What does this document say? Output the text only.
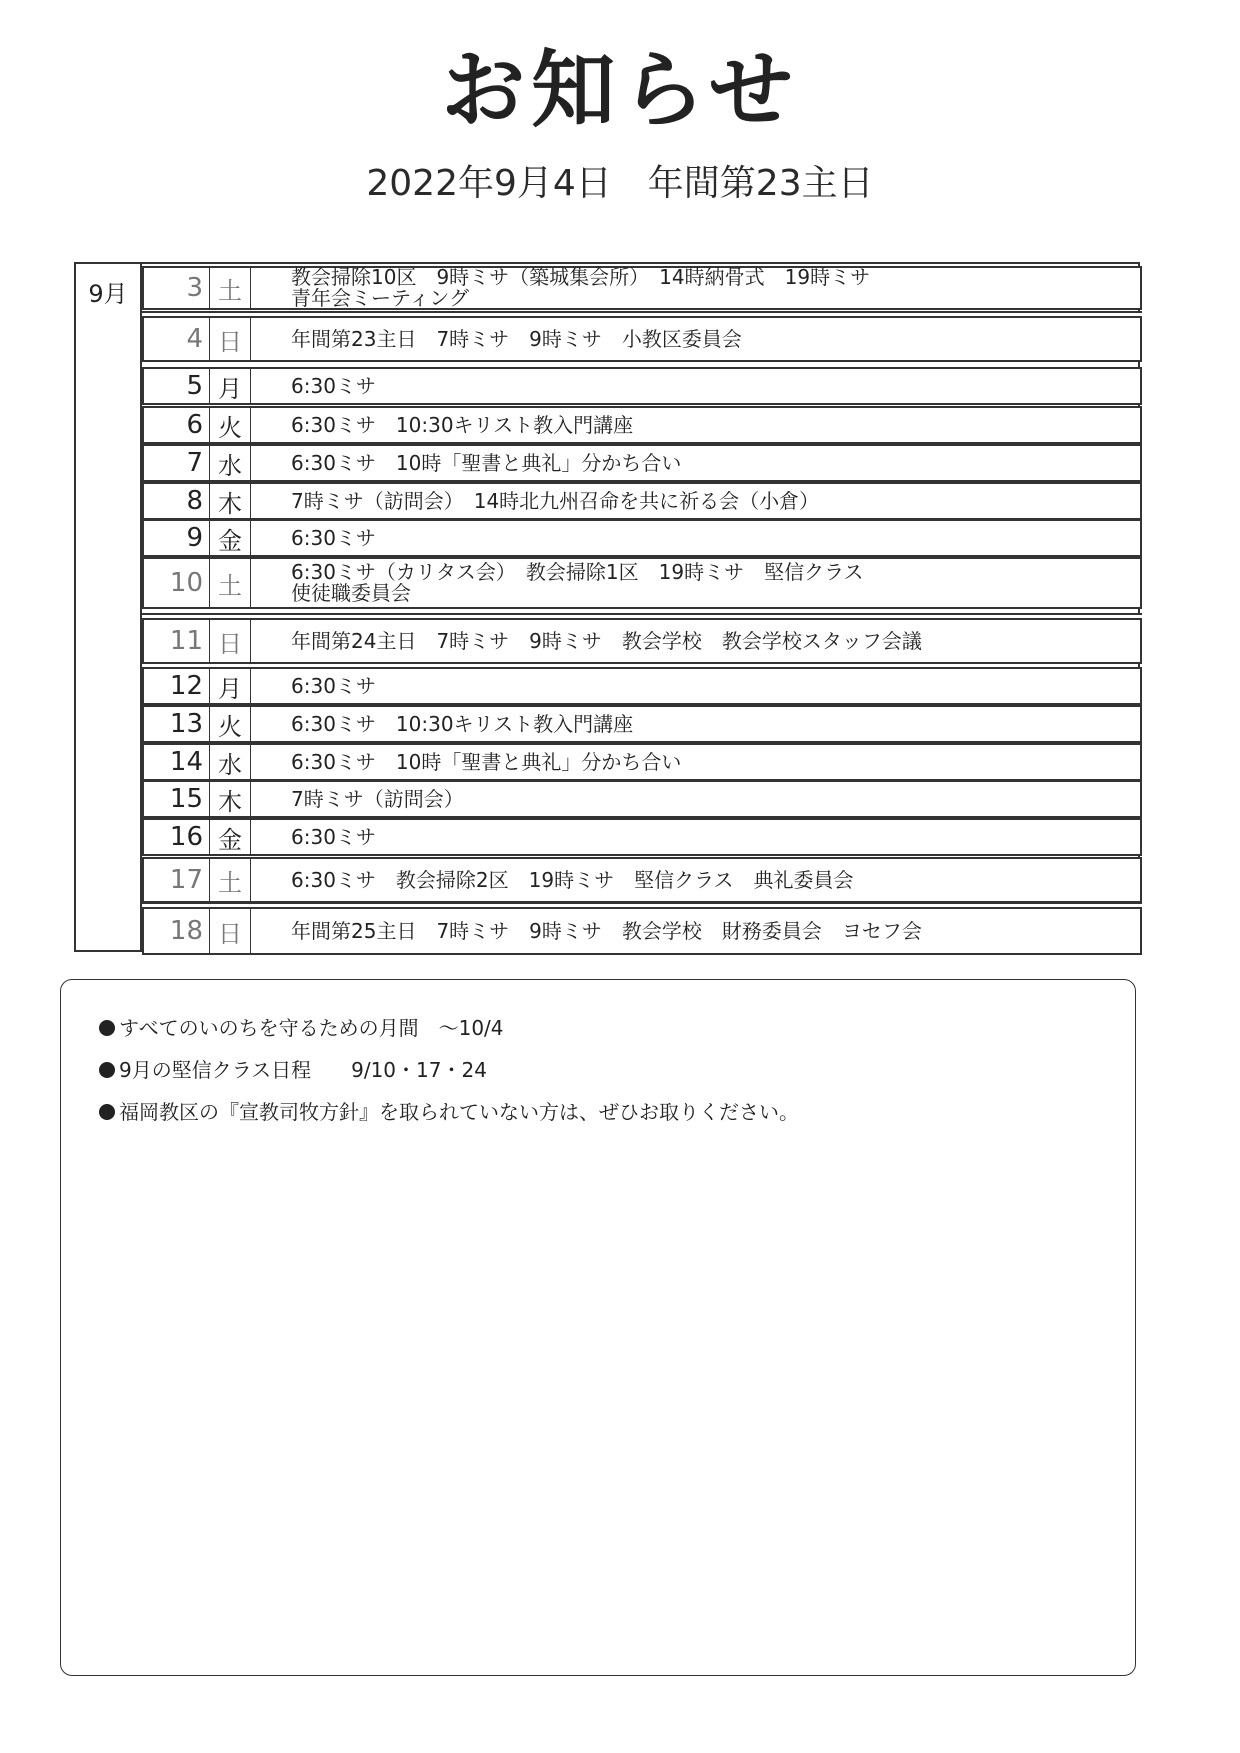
お知らせ
2022年9月4日　年間第23主日
9月	3 土	教会掃除10区　9時ミサ（築城集会所）　14時納骨式　19時ミサ
青年会ミーティング
4 日	年間第23主日　7時ミサ　9時ミサ　小教区委員会
5 月	6:30ミサ
6 火	6:30ミサ　10:30キリスト教入門講座
7 水	6:30ミサ　10時「聖書と典礼」分かち合い
8 木	7時ミサ（訪問会）　14時北九州召命を共に祈る会（小倉）
9 金	6:30ミサ
10 土	6:30ミサ（カリタス会）　教会掃除1区　19時ミサ　堅信クラス
使徒職委員会
11 日	年間第24主日　7時ミサ　9時ミサ　教会学校　教会学校スタッフ会議
12 月	6:30ミサ
13 火	6:30ミサ　10:30キリスト教入門講座
14 水	6:30ミサ　10時「聖書と典礼」分かち合い
15 木	7時ミサ（訪問会）
16 金	6:30ミサ
17 土	6:30ミサ　教会掃除2区　19時ミサ　堅信クラス　典礼委員会
18 日	年間第25主日　7時ミサ　9時ミサ　教会学校　財務委員会　ヨセフ会
すべてのいのちを守るための月間　～10/4
9月の堅信クラス日程　　9/10・17・24
福岡教区の『宣教司牧方針』を取られていない方は、ぜひお取りください。
